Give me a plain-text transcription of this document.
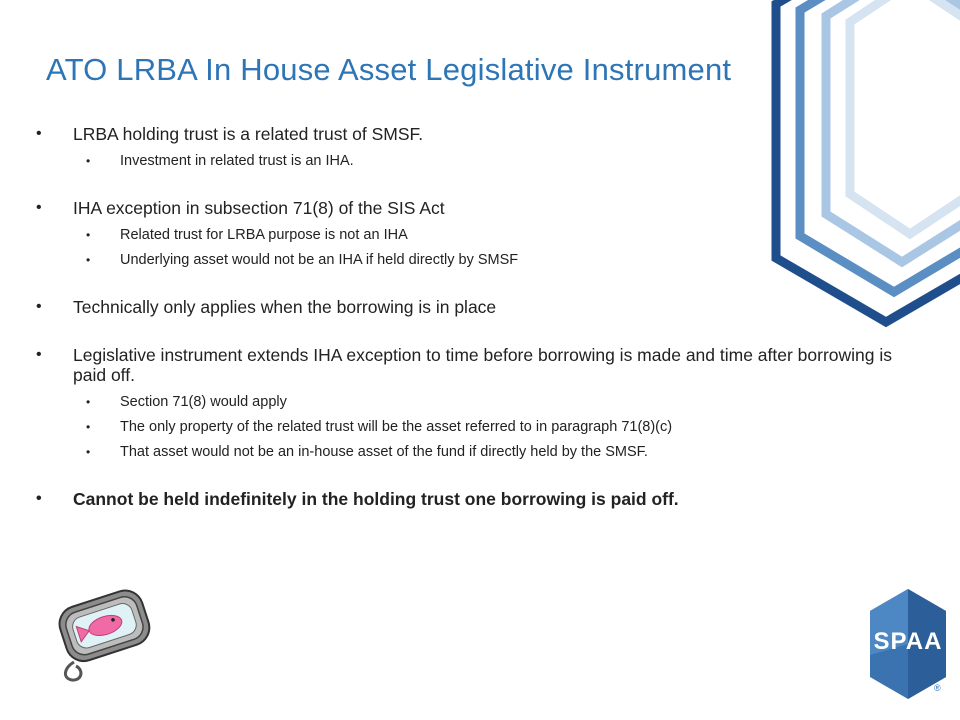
ATO LRBA In House Asset Legislative Instrument
• LRBA holding trust is a related trust of SMSF.
• Investment in related trust is an IHA.
• IHA exception in subsection 71(8) of the SIS Act
• Related trust for LRBA purpose is not an IHA
• Underlying asset would not be an IHA if held directly by SMSF
• Technically only applies when the borrowing is in place
• Legislative instrument extends IHA exception to time before borrowing is made and time after borrowing is paid off.
• Section 71(8) would apply
• The only property of the related trust will be the asset referred to in paragraph 71(8)(c)
• That asset would not be an in-house asset of the fund if directly held by the SMSF.
• Cannot be held indefinitely in the holding trust one borrowing is paid off.
SPAA
®
